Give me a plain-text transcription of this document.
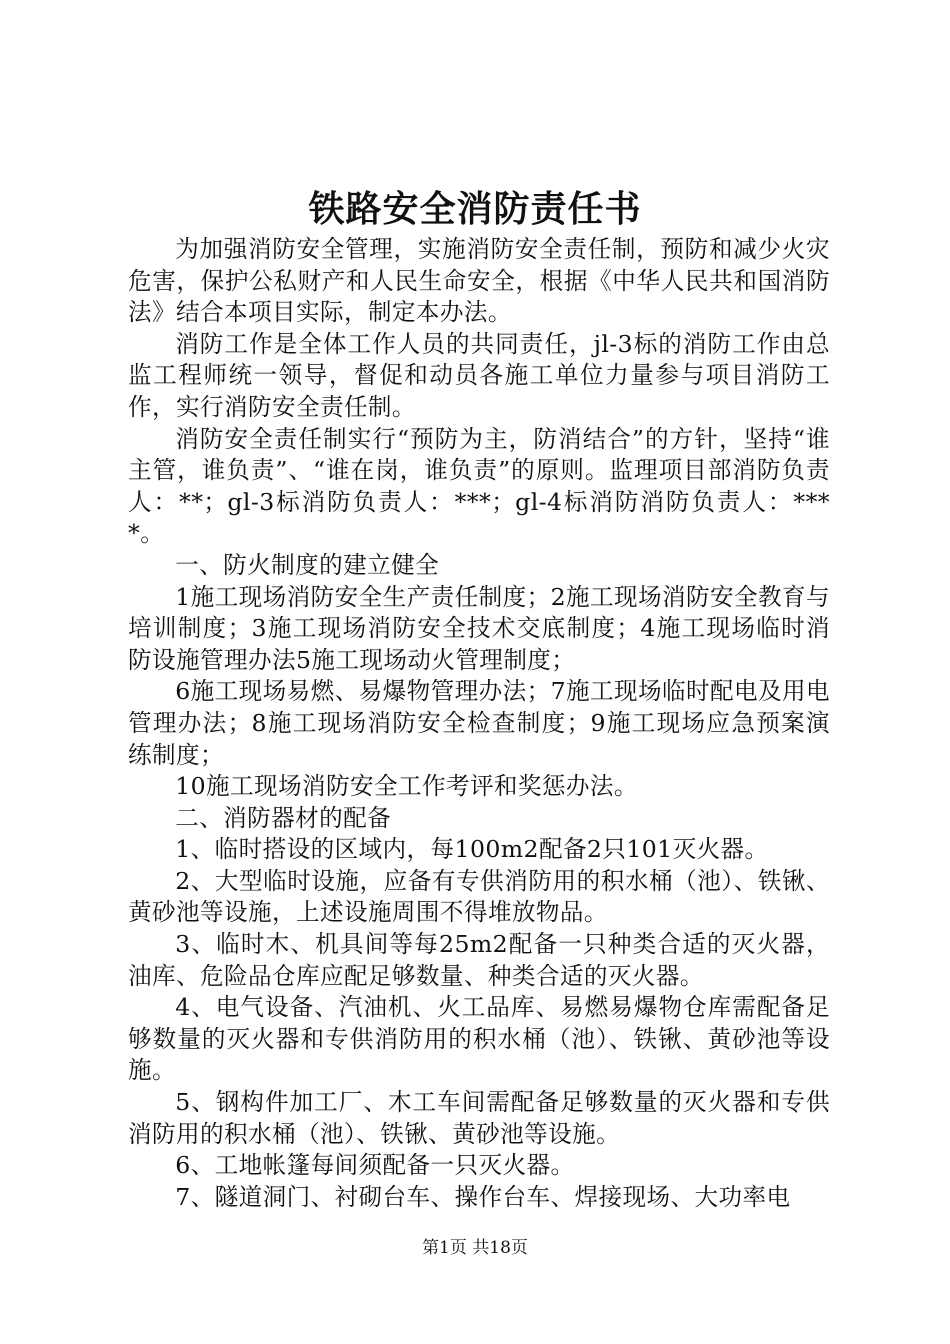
铁路安全消防责任书

为加强消防安全管理，实施消防安全责任制，预防和减少火灾危害，保护公私财产和人民生命安全，根据《中华人民共和国消防法》结合本项目实际，制定本办法。

消防工作是全体工作人员的共同责任，jl-3标的消防工作由总监工程师统一领导，督促和动员各施工单位力量参与项目消防工作，实行消防安全责任制。

消防安全责任制实行“预防为主，防消结合”的方针，坚持“谁主管，谁负责”、“谁在岗，谁负责”的原则。监理项目部消防负责人：**；gl-3标消防负责人：***；gl-4标消防消防负责人：****。

一、防火制度的建立健全

1施工现场消防安全生产责任制度；2施工现场消防安全教育与培训制度；3施工现场消防安全技术交底制度；4施工现场临时消防设施管理办法5施工现场动火管理制度；

6施工现场易燃、易爆物管理办法；7施工现场临时配电及用电管理办法；8施工现场消防安全检查制度；9施工现场应急预案演练制度；

10施工现场消防安全工作考评和奖惩办法。

二、消防器材的配备

1、临时搭设的区域内，每100m2配备2只101灭火器。

2、大型临时设施，应备有专供消防用的积水桶（池）、铁锹、黄砂池等设施，上述设施周围不得堆放物品。

3、临时木、机具间等每25m2配备一只种类合适的灭火器，油库、危险品仓库应配足够数量、种类合适的灭火器。

4、电气设备、汽油机、火工品库、易燃易爆物仓库需配备足够数量的灭火器和专供消防用的积水桶（池）、铁锹、黄砂池等设施。

5、钢构件加工厂、木工车间需配备足够数量的灭火器和专供消防用的积水桶（池）、铁锹、黄砂池等设施。

6、工地帐篷每间须配备一只灭火器。

7、隧道洞门、衬砌台车、操作台车、焊接现场、大功率电

第1页 共18页
